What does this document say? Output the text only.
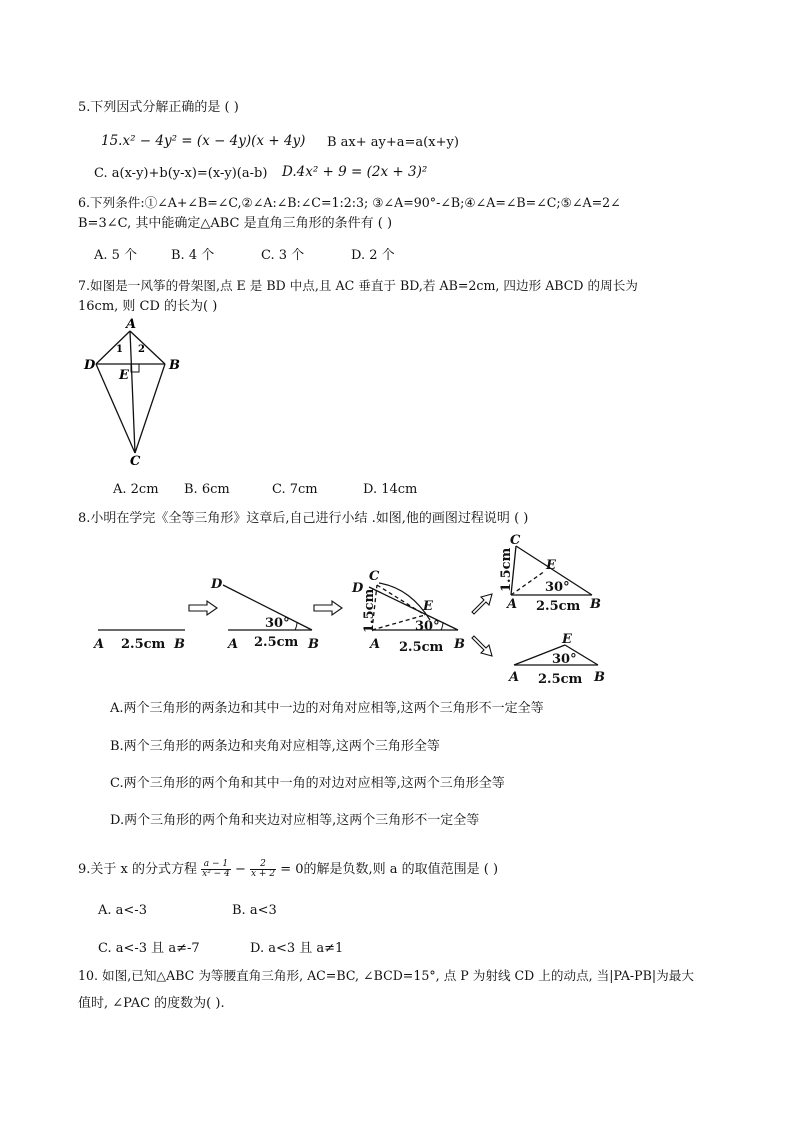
5.下列因式分解正确的是 ( )
15.x² − 4y² = (x − 4y)(x + 4y) B ax+ ay+a=a(x+y)
C. a(x-y)+b(y-x)=(x-y)(a-b) D.4x² + 9 = (2x + 3)²
6.下列条件:①∠A+∠B=∠C,②∠A:∠B:∠C=1:2:3; ③∠A=90°-∠B;④∠A=∠B=∠C;⑤∠A=2∠
B=3∠C, 其中能确定△ABC 是直角三角形的条件有 ( )
A. 5 个	B. 4 个	C. 3 个	D. 2 个
7.如图是一风筝的骨架图,点 E 是 BD 中点,且 AC 垂直于 BD,若 AB=2cm, 四边形 ABCD 的周长为
16cm, 则 CD 的长为( )
A
D	B
E
C
1 2
A. 2cm B. 6cm	C. 7cm	D. 14cm
8.小明在学完《全等三角形》这章后,自己进行小结 .如图,他的画图过程说明 ( )
A 2.5cm B
D
30°
A 2.5cm B
D
C
E
30°
1.5cm
A 2.5cm B
C
E
30°
1.5cm
A 2.5cm B
E
30°
A 2.5cm B
A.两个三角形的两条边和其中一边的对角对应相等,这两个三角形不一定全等
B.两个三角形的两条边和夹角对应相等,这两个三角形全等
C.两个三角形的两个角和其中一角的对边对应相等,这两个三角形全等
D.两个三角形的两个角和夹边对应相等,这两个三角形不一定全等
9.关于 x 的分式方程 $\frac{a - 1}{\text{x² − 4}} - \frac{2}{x + 2} = 0$的解是负数,则 a 的取值范围是 ( )
A. a<-3	B. a<3
C. a<-3 且 a≠-7	D. a<3 且 a≠1
10. 如图,已知△ABC 为等腰直角三角形, AC=BC, ∠BCD=15°, 点 P 为射线 CD 上的动点, 当|PA-PB|为最大
值时, ∠PAC 的度数为( ).
